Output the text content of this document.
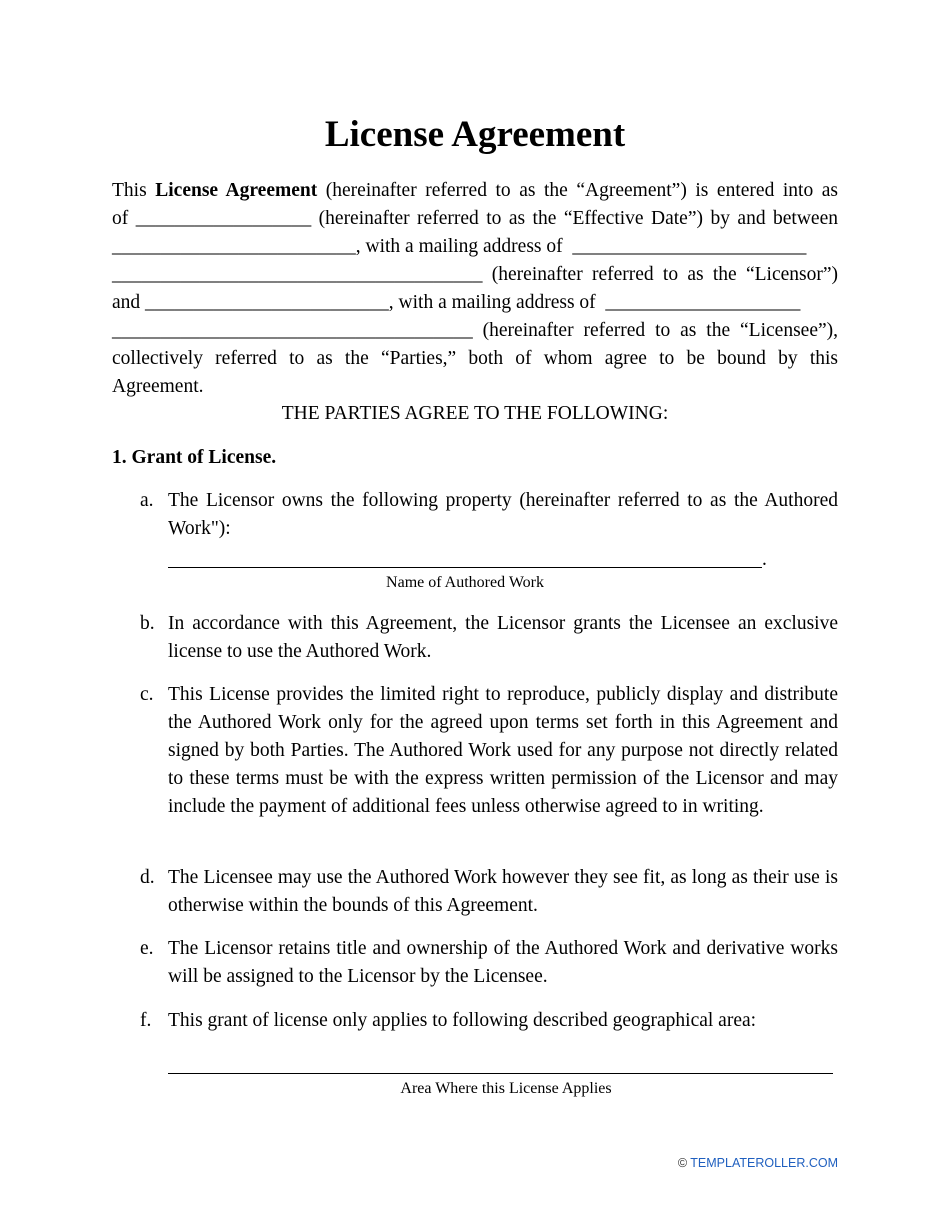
License Agreement
This License Agreement (hereinafter referred to as the “Agreement”) is entered into as
of __________________ (hereinafter referred to as the “Effective Date”) by and between
_________________________, with a mailing address of  ________________________
______________________________________ (hereinafter referred to as the “Licensor”)
and _________________________, with a mailing address of  ____________________
_____________________________________ (hereinafter referred to as the “Licensee”),
collectively referred to as the “Parties,” both of whom agree to be bound by this
Agreement.

THE PARTIES AGREE TO THE FOLLOWING:

1. Grant of License.
a. The Licensor owns the following property (hereinafter referred to as the Authored Work"):
.
Name of Authored Work
b. In accordance with this Agreement, the Licensor grants the Licensee an exclusive license to use the Authored Work.
c. This License provides the limited right to reproduce, publicly display and distribute the Authored Work only for the agreed upon terms set forth in this Agreement and signed by both Parties. The Authored Work used for any purpose not directly related to these terms must be with the express written permission of the Licensor and may include the payment of additional fees unless otherwise agreed to in writing.
d. The Licensee may use the Authored Work however they see fit, as long as their use is otherwise within the bounds of this Agreement.
e. The Licensor retains title and ownership of the Authored Work and derivative works will be assigned to the Licensor by the Licensee.
f. This grant of license only applies to following described geographical area:
Area Where this License Applies
© TEMPLATEROLLER.COM
